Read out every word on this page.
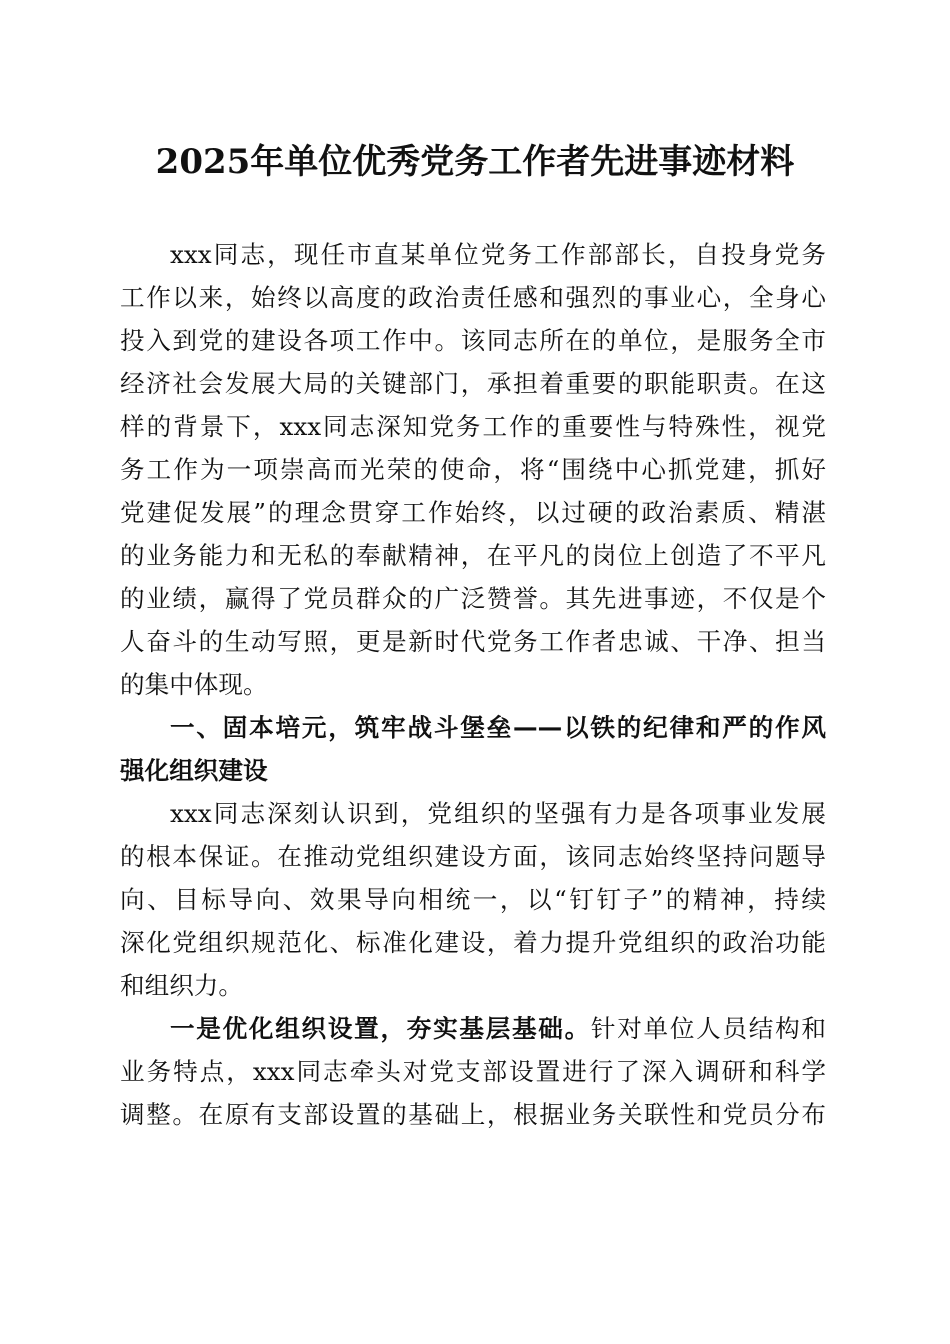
2025年单位优秀党务工作者先进事迹材料

xxx同志，现任市直某单位党务工作部部长，自投身党务
工作以来，始终以高度的政治责任感和强烈的事业心，全身心
投入到党的建设各项工作中。该同志所在的单位，是服务全市
经济社会发展大局的关键部门，承担着重要的职能职责。在这
样的背景下，xxx同志深知党务工作的重要性与特殊性，视党
务工作为一项崇高而光荣的使命，将“围绕中心抓党建，抓好
党建促发展”的理念贯穿工作始终，以过硬的政治素质、精湛
的业务能力和无私的奉献精神，在平凡的岗位上创造了不平凡
的业绩，赢得了党员群众的广泛赞誉。其先进事迹，不仅是个
人奋斗的生动写照，更是新时代党务工作者忠诚、干净、担当
的集中体现。

一、固本培元，筑牢战斗堡垒——以铁的纪律和严的作风
强化组织建设

xxx同志深刻认识到，党组织的坚强有力是各项事业发展
的根本保证。在推动党组织建设方面，该同志始终坚持问题导
向、目标导向、效果导向相统一，以“钉钉子”的精神，持续
深化党组织规范化、标准化建设，着力提升党组织的政治功能
和组织力。

一是优化组织设置，夯实基层基础。针对单位人员结构和
业务特点，xxx同志牵头对党支部设置进行了深入调研和科学
调整。在原有支部设置的基础上，根据业务关联性和党员分布
